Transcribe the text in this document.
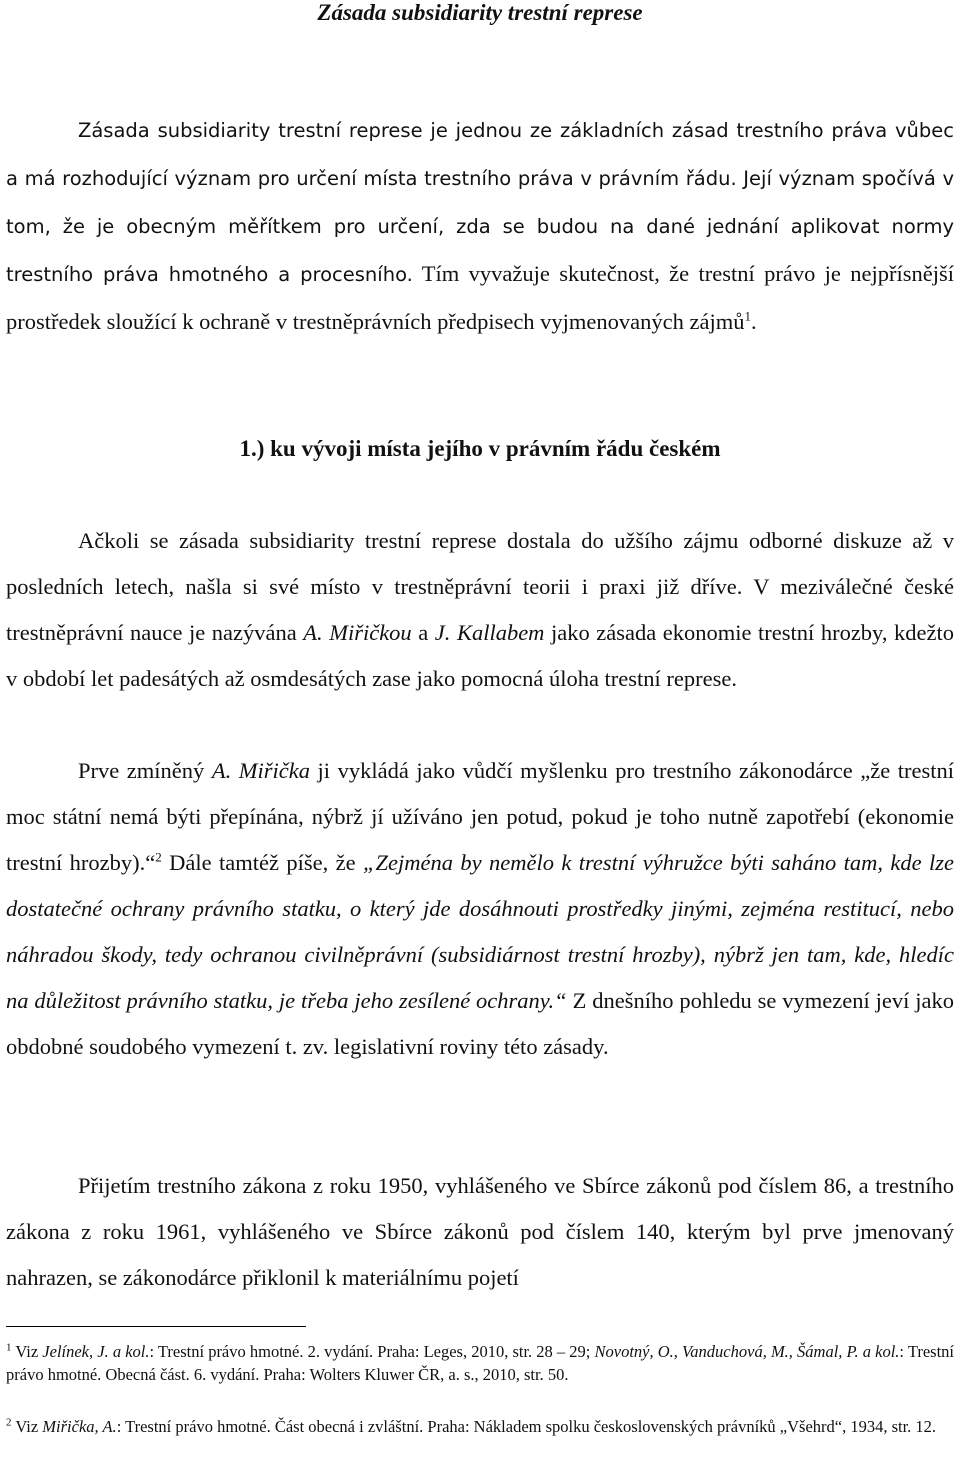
Zásada subsidiarity trestní represe

Zásada subsidiarity trestní represe je jednou ze základních zásad trestního práva vůbec a má rozhodující význam pro určení místa trestního práva v právním řádu. Její význam spočívá v tom, že je obecným měřítkem pro určení, zda se budou na dané jednání aplikovat normy trestního práva hmotného a procesního. Tím vyvažuje skutečnost, že trestní právo je nejpřísnější prostředek sloužící k ochraně v trestněprávních předpisech vyjmenovaných zájmů$^1$.

1.) ku vývoji místa jejího v právním řádu českém

Ačkoli se zásada subsidiarity trestní represe dostala do užšího zájmu odborné diskuze až v posledních letech, našla si své místo v trestněprávní teorii i praxi již dříve. V meziválečné české trestněprávní nauce je nazývána A. Miřičkou a J. Kallabem jako zásada ekonomie trestní hrozby, kdežto v období let padesátých až osmdesátých zase jako pomocná úloha trestní represe.

Prve zmíněný A. Miřička ji vykládá jako vůdčí myšlenku pro trestního zákonodárce „že trestní moc státní nemá býti přepínána, nýbrž jí užíváno jen potud, pokud je toho nutně zapotřebí (ekonomie trestní hrozby).“$^2$ Dále tamtéž píše, že „Zejména by nemělo k trestní výhružce býti saháno tam, kde lze dostatečné ochrany právního statku, o který jde dosáhnouti prostředky jinými, zejména restitucí, nebo náhradou škody, tedy ochranou civilněprávní (subsidiárnost trestní hrozby), nýbrž jen tam, kde, hledíc na důležitost právního statku, je třeba jeho zesílené ochrany.“ Z dnešního pohledu se vymezení jeví jako obdobné soudobého vymezení t. zv. legislativní roviny této zásady.

Přijetím trestního zákona z roku 1950, vyhlášeného ve Sbírce zákonů pod číslem 86, a trestního zákona z roku 1961, vyhlášeného ve Sbírce zákonů pod číslem 140, kterým byl prve jmenovaný nahrazen, se zákonodárce přiklonil k materiálnímu pojetí

$^1$ Viz Jelínek, J. a kol.: Trestní právo hmotné. 2. vydání. Praha: Leges, 2010, str. 28 – 29; Novotný, O., Vanduchová, M., Šámal, P. a kol.: Trestní právo hmotné. Obecná část. 6. vydání. Praha: Wolters Kluwer ČR, a. s., 2010, str. 50.

$^2$ Viz Miřička, A.: Trestní právo hmotné. Část obecná i zvláštní. Praha: Nákladem spolku československých právníků „Všehrd“, 1934, str. 12.
